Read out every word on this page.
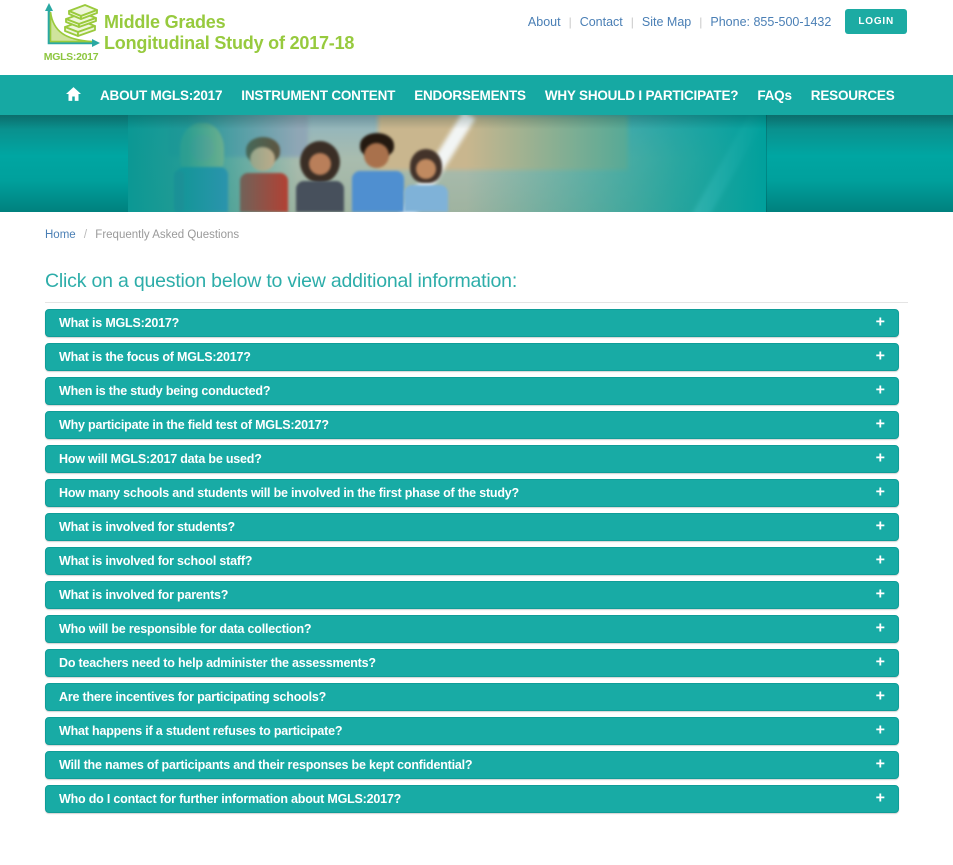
MGLS:2017
Middle Grades
Longitudinal Study of 2017-18
About | Contact | Site Map | Phone: 855-500-1432	LOGIN
ABOUT MGLS:2017 INSTRUMENT CONTENT ENDORSEMENTS WHY SHOULD I PARTICIPATE? FAQs RESOURCES
Home / Frequently Asked Questions
Click on a question below to view additional information:
What is MGLS:2017?	+
What is the focus of MGLS:2017?	+
When is the study being conducted?	+
Why participate in the field test of MGLS:2017?	+
How will MGLS:2017 data be used?	+
How many schools and students will be involved in the first phase of the study?	+
What is involved for students?	+
What is involved for school staff?	+
What is involved for parents?	+
Who will be responsible for data collection?	+
Do teachers need to help administer the assessments?	+
Are there incentives for participating schools?	+
What happens if a student refuses to participate?	+
Will the names of participants and their responses be kept confidential?	+
Who do I contact for further information about MGLS:2017?	+
